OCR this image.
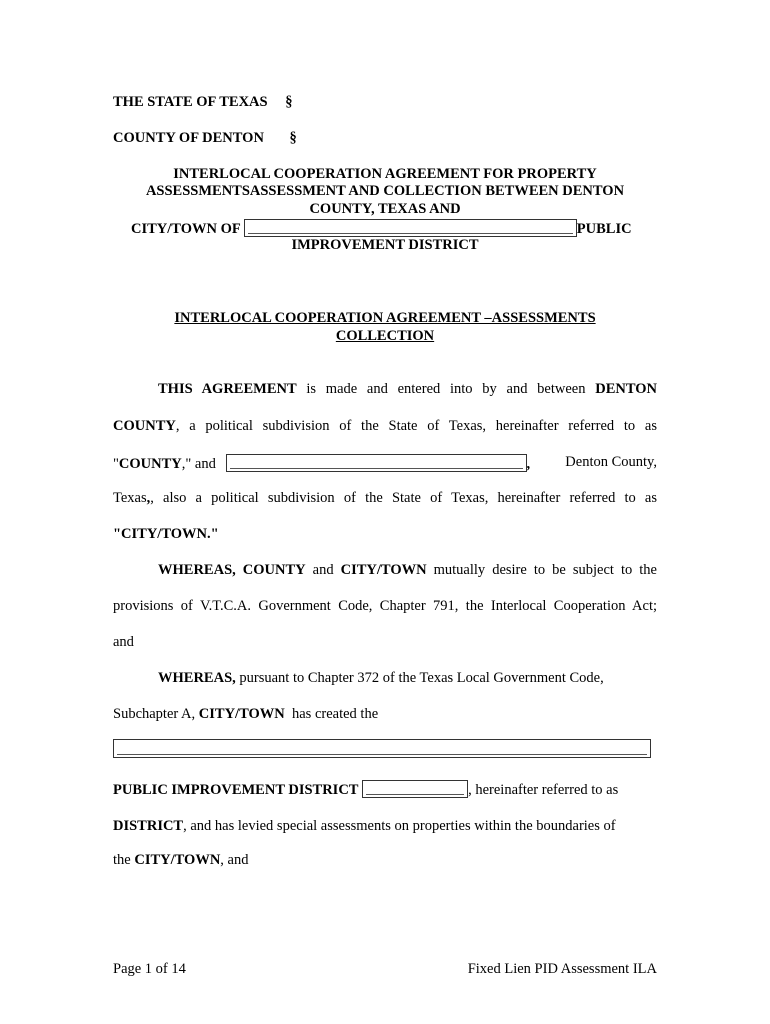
THE STATE OF TEXAS §
COUNTY OF DENTON §
INTERLOCAL COOPERATION AGREEMENT FOR PROPERTY
ASSESSMENTSASSESSMENT AND COLLECTION BETWEEN DENTON
COUNTY, TEXAS AND
CITY/TOWN OF	PUBLIC
IMPROVEMENT DISTRICT
INTERLOCAL COOPERATION AGREEMENT –ASSESSMENTS
COLLECTION
THIS AGREEMENT is made and entered into by and between DENTON
COUNTY, a political subdivision of the State of Texas, hereinafter referred to as
"COUNTY," and	, Denton County,
Texas,, also a political subdivision of the State of Texas, hereinafter referred to as
"CITY/TOWN."
WHEREAS, COUNTY and CITY/TOWN mutually desire to be subject to the
provisions of V.T.C.A. Government Code, Chapter 791, the Interlocal Cooperation Act;
and
WHEREAS, pursuant to Chapter 372 of the Texas Local Government Code,
Subchapter A, CITY/TOWN  has created the
PUBLIC IMPROVEMENT DISTRICT	, hereinafter referred to as
DISTRICT, and has levied special assessments on properties within the boundaries of
the CITY/TOWN, and
Page 1 of 14	Fixed Lien PID Assessment ILA
